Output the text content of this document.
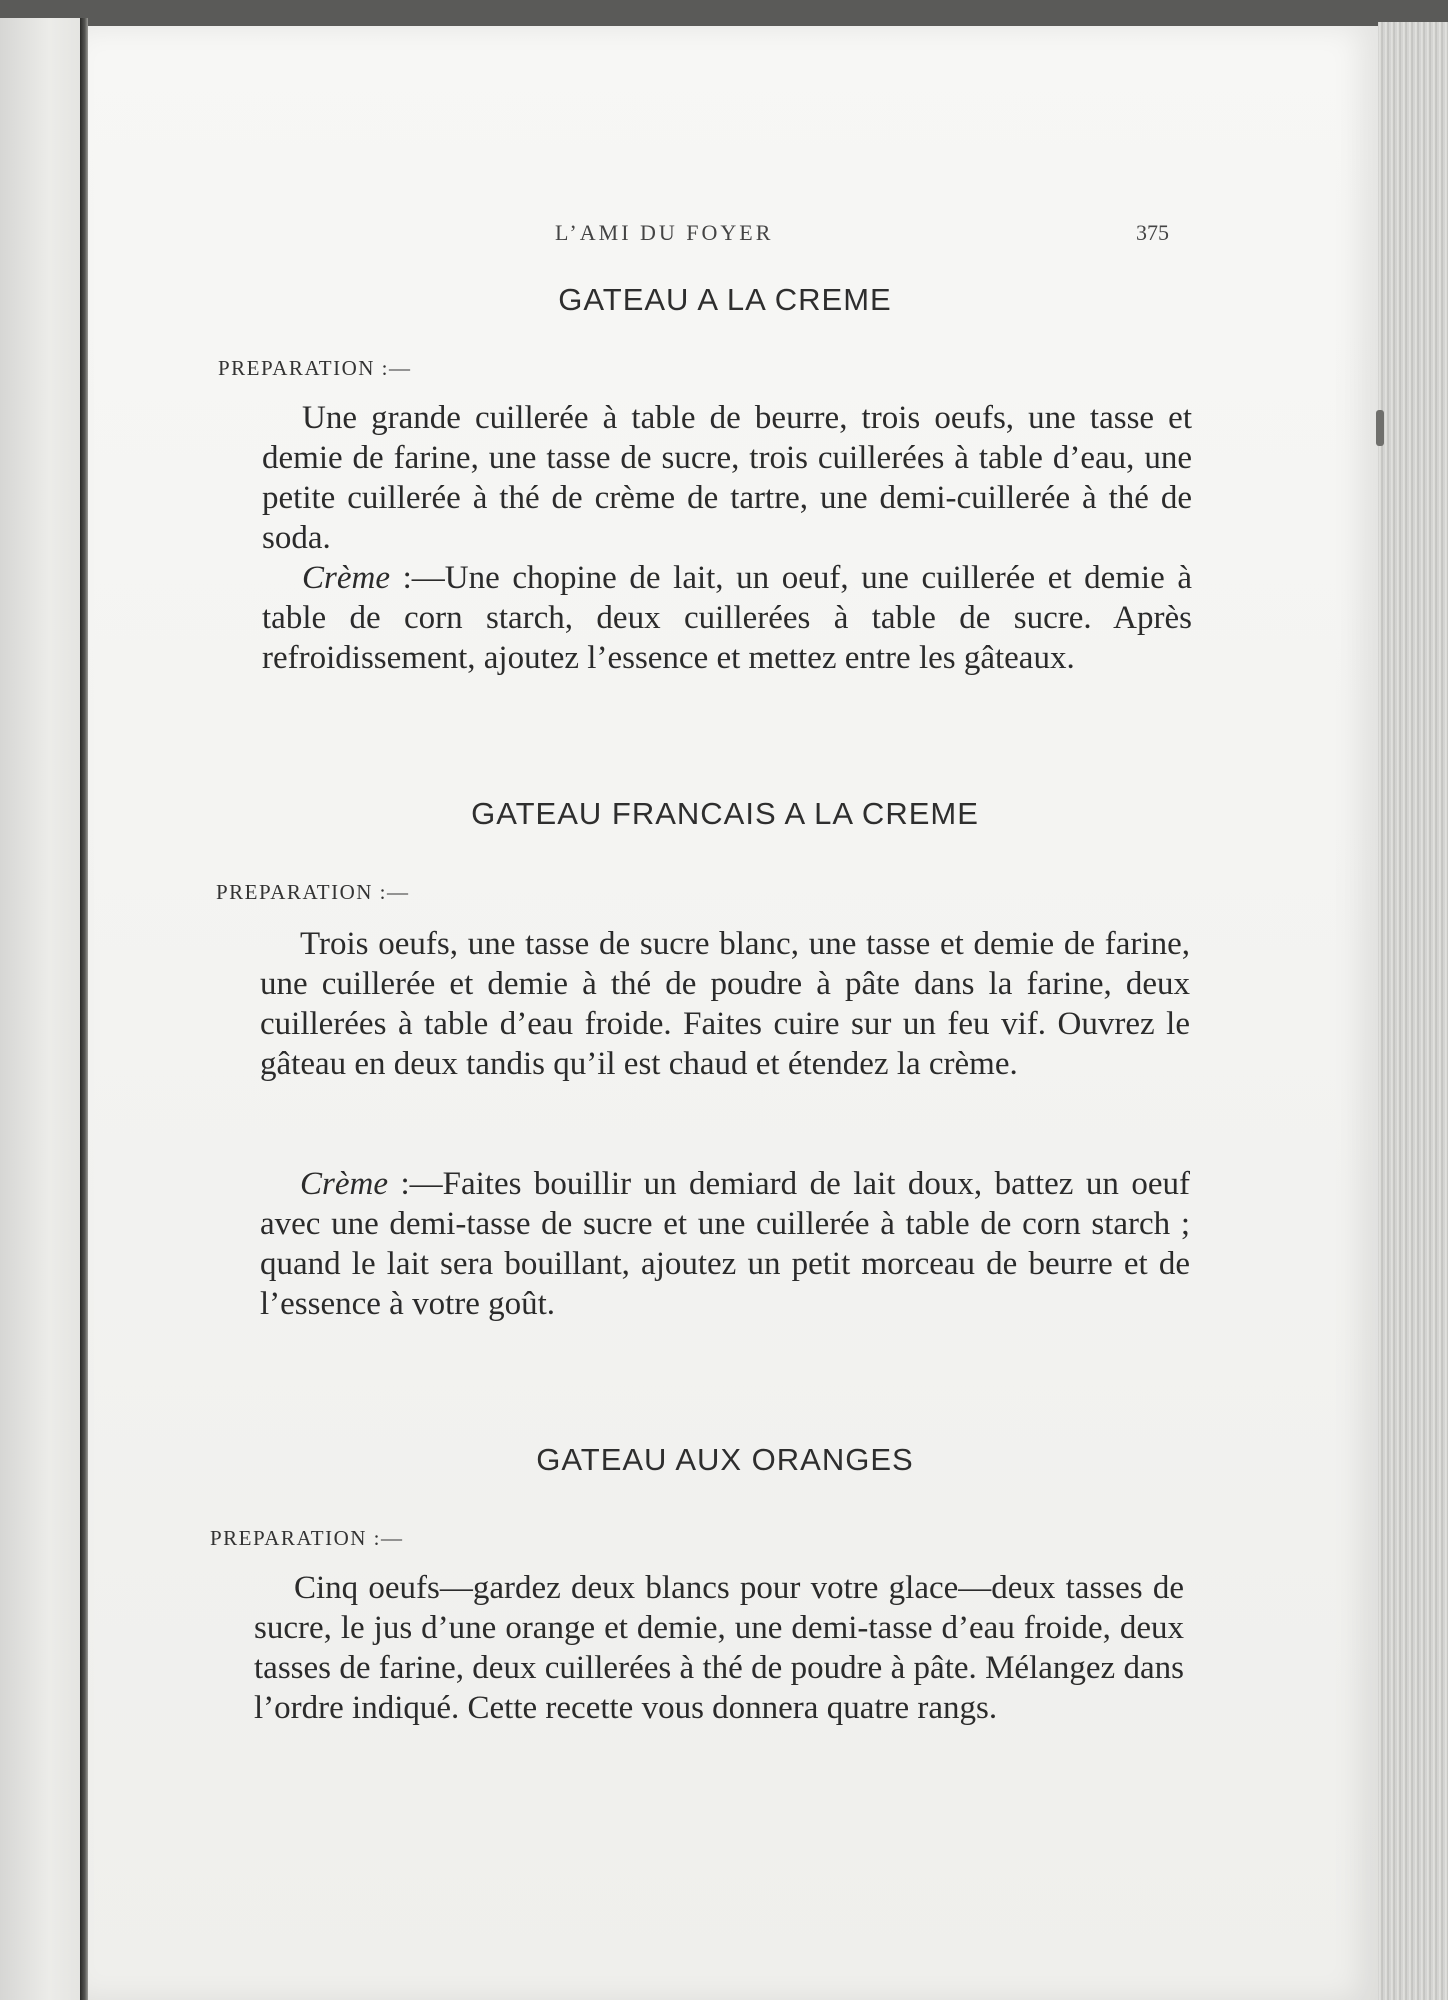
L’AMI DU FOYER	375
GATEAU A LA CREME
PREPARATION :—

Une grande cuillerée à table de beurre, trois oeufs, une tasse et demie de farine, une tasse de sucre, trois cuillerées à table d’eau, une petite cuillerée à thé de crème de tartre, une demi-cuillerée à thé de soda.

Crème :—Une chopine de lait, un oeuf, une cuillerée et demie à table de corn starch, deux cuillerées à table de sucre. Après refroidissement, ajoutez l’essence et mettez entre les gâteaux.

GATEAU FRANCAIS A LA CREME
PREPARATION :—

Trois oeufs, une tasse de sucre blanc, une tasse et demie de farine, une cuillerée et demie à thé de poudre à pâte dans la farine, deux cuillerées à table d’eau froide. Faites cuire sur un feu vif. Ouvrez le gâteau en deux tandis qu’il est chaud et étendez la crème.

Crème :—Faites bouillir un demiard de lait doux, battez un oeuf avec une demi-tasse de sucre et une cuillerée à table de corn starch ; quand le lait sera bouillant, ajoutez un petit morceau de beurre et de l’essence à votre goût.

GATEAU AUX ORANGES
PREPARATION :—

Cinq oeufs—gardez deux blancs pour votre glace—deux tasses de sucre, le jus d’une orange et demie, une demi-tasse d’eau froide, deux tasses de farine, deux cuillerées à thé de poudre à pâte. Mélangez dans l’ordre indiqué. Cette recette vous donnera quatre rangs.
